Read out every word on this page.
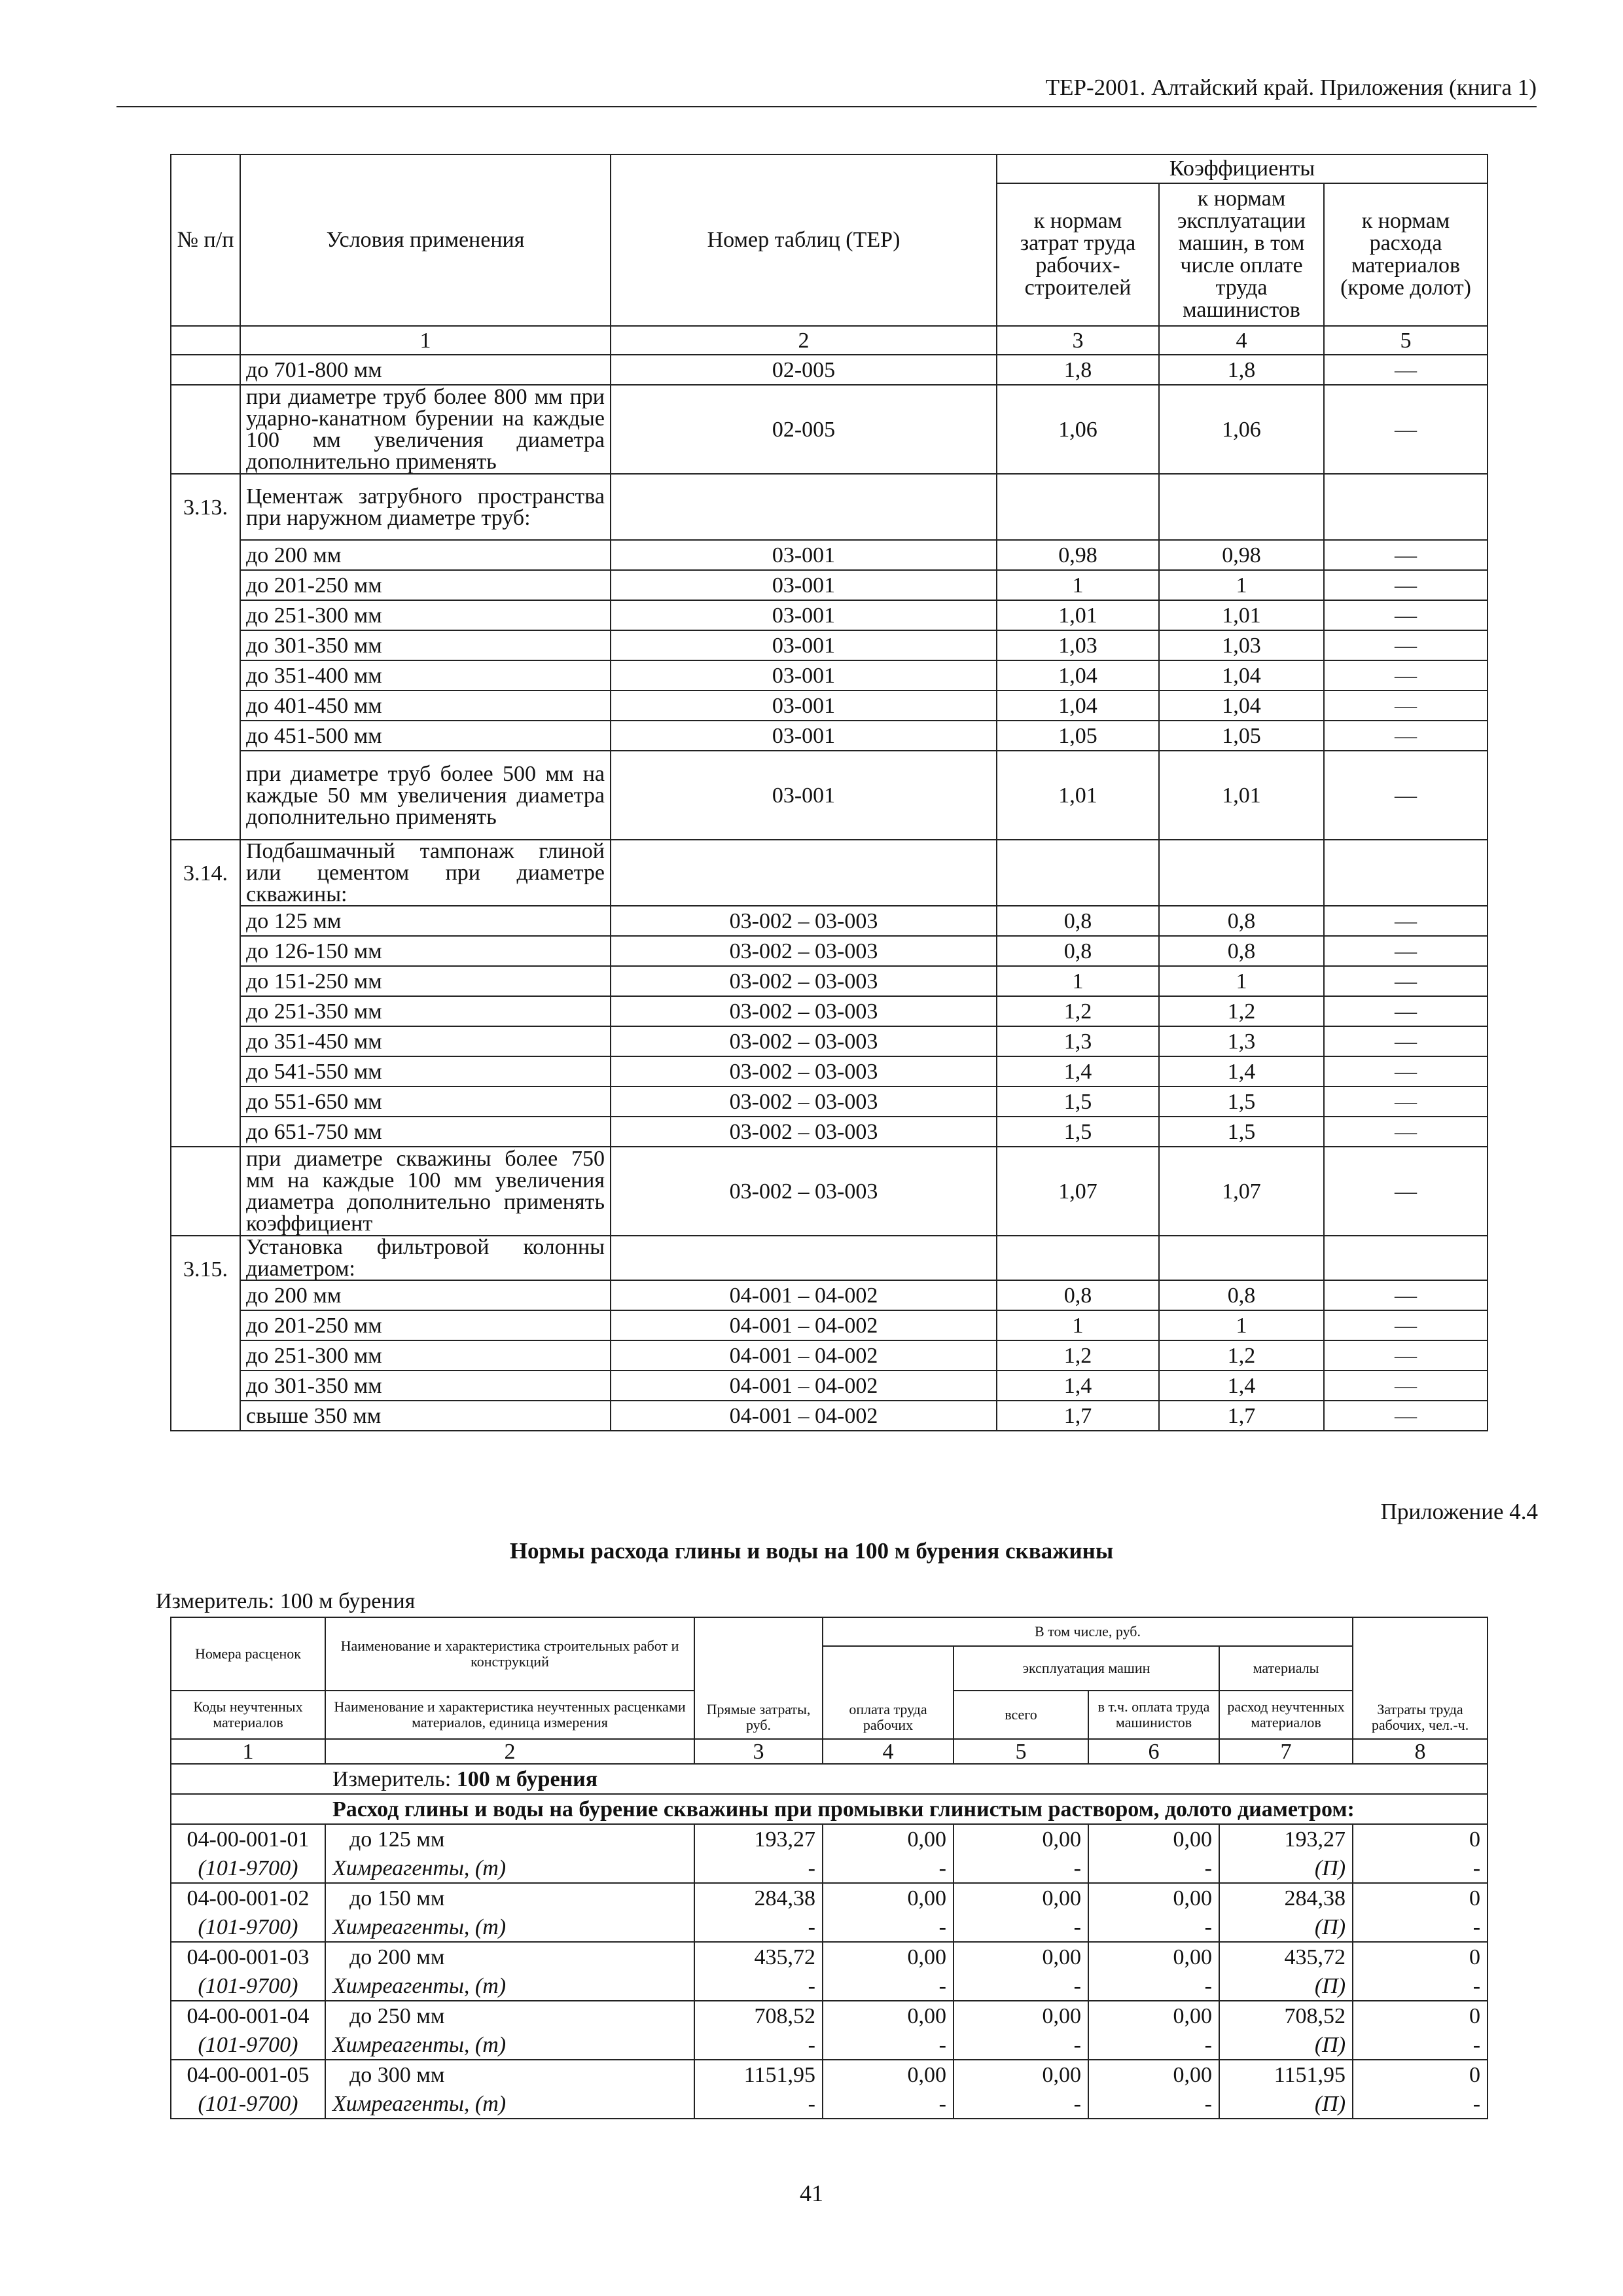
ТЕР-2001. Алтайский край. Приложения (книга 1)
№ п/п	Условия применения	Номер таблиц (ТЕР)	Коэффициенты		
			к нормам затрат труда рабочих-строителей	к нормам эксплуатации машин, в том числе оплате труда машинистов	к нормам расхода материалов (кроме долот)
	1	2	3	4	5
	до 701-800 мм	02-005	1,8	1,8	—
	при диаметре труб более 800 мм при ударно-канатном бурении на каждые 100 мм увеличения диаметра дополнительно применять	02-005	1,06	1,06	—
3.13.	Цементаж затрубного пространства при наружном диаметре труб:				
	до 200 мм	03-001	0,98	0,98	—
	до 201-250 мм	03-001	1	1	—
	до 251-300 мм	03-001	1,01	1,01	—
	до 301-350 мм	03-001	1,03	1,03	—
	до 351-400 мм	03-001	1,04	1,04	—
	до 401-450 мм	03-001	1,04	1,04	—
	до 451-500 мм	03-001	1,05	1,05	—
	при диаметре труб более 500 мм на каждые 50 мм увеличения диаметра дополнительно применять	03-001	1,01	1,01	—
3.14.	Подбашмачный тампонаж глиной или цементом при диаметре скважины:				
	до 125 мм	03-002 – 03-003	0,8	0,8	—
	до 126-150 мм	03-002 – 03-003	0,8	0,8	—
	до 151-250 мм	03-002 – 03-003	1	1	—
	до 251-350 мм	03-002 – 03-003	1,2	1,2	—
	до 351-450 мм	03-002 – 03-003	1,3	1,3	—
	до 541-550 мм	03-002 – 03-003	1,4	1,4	—
	до 551-650 мм	03-002 – 03-003	1,5	1,5	—
	до 651-750 мм	03-002 – 03-003	1,5	1,5	—
	при диаметре скважины более 750 мм на каждые 100 мм увеличения диаметра дополнительно применять коэффициент	03-002 – 03-003	1,07	1,07	—
3.15.	Установка фильтровой колонны диаметром:				
	до 200 мм	04-001 – 04-002	0,8	0,8	—
	до 201-250 мм	04-001 – 04-002	1	1	—
	до 251-300 мм	04-001 – 04-002	1,2	1,2	—
	до 301-350 мм	04-001 – 04-002	1,4	1,4	—
	свыше 350 мм	04-001 – 04-002	1,7	1,7	—
Приложение 4.4
Нормы расхода глины и воды на 100 м бурения скважины
Измеритель: 100 м бурения
Номера расценок	Наименование и характеристика строительных работ и конструкций	Прямые затраты, руб.	В том числе, руб.				Затраты труда рабочих, чел.-ч.
			оплата труда рабочих	эксплуатация машин		материалы	
Коды неучтенных материалов	Наименование и характеристика неучтенных расценками материалов, единица измерения			всего	в т.ч. оплата труда машинистов	расход неучтенных материалов	
1	2	3	4	5	6	7	8
Измеритель: 100 м бурения							
Расход глины и воды на бурение скважины при промывки глинистым раствором, долото диаметром:							
04-00-001-01	до 125 мм	193,27	0,00	0,00	0,00	193,27	0
(101-9700)	Химреагенты, (т)	-	-	-	-	(П)	-
04-00-001-02	до 150 мм	284,38	0,00	0,00	0,00	284,38	0
(101-9700)	Химреагенты, (т)	-	-	-	-	(П)	-
04-00-001-03	до 200 мм	435,72	0,00	0,00	0,00	435,72	0
(101-9700)	Химреагенты, (т)	-	-	-	-	(П)	-
04-00-001-04	до 250 мм	708,52	0,00	0,00	0,00	708,52	0
(101-9700)	Химреагенты, (т)	-	-	-	-	(П)	-
04-00-001-05	до 300 мм	1151,95	0,00	0,00	0,00	1151,95	0
(101-9700)	Химреагенты, (т)	-	-	-	-	(П)	-
41
